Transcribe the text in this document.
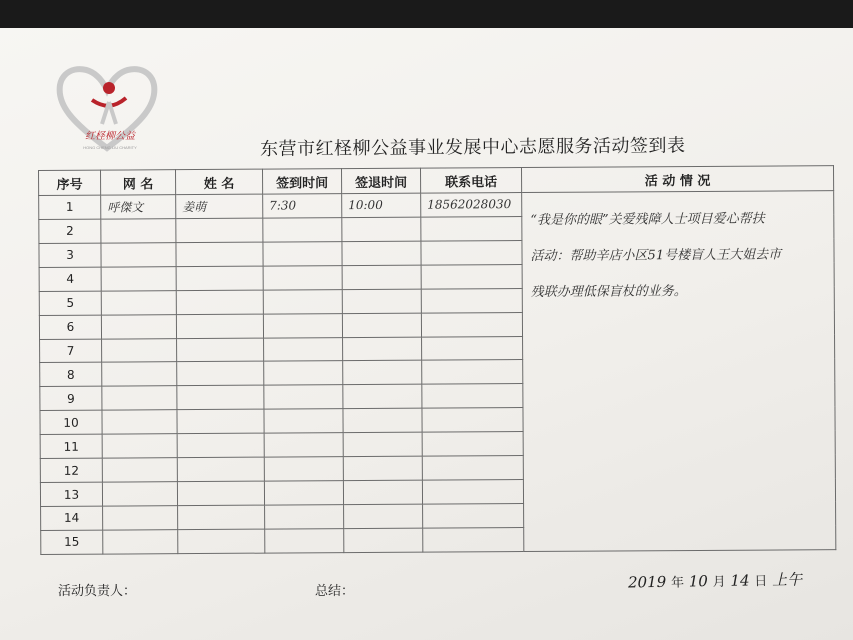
红柽柳公益
HONG CHENG LIU CHARITY	东营市红柽柳公益事业发展中心志愿服务活动签到表
序号	网 名	姓 名	签到时间	签退时间	联系电话	活 动 情 况
1	呼傑文	姜萌	7:30	10:00	18562028030	“我是你的眼”关爱残障人士项目爱心帮扶
活动：帮助辛店小区51号楼盲人王大姐去市
残联办理低保盲杖的业务。

2						
3						
4						
5						
6						
7						
8						
9						
10						
11						
12						
13						
14						
15						
活动负责人：	总结：	2019 年 10 月 14 日 上午
